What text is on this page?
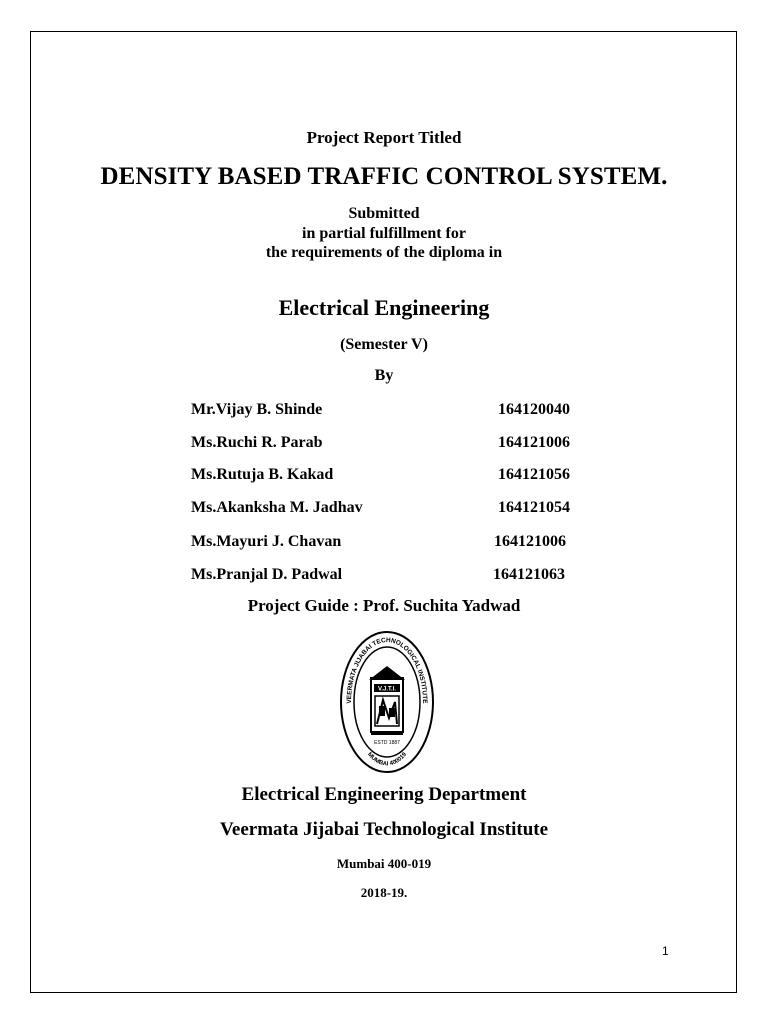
Project Report Titled
DENSITY BASED TRAFFIC CONTROL SYSTEM.
Submitted
in partial fulfillment for
the requirements of the diploma in
Electrical Engineering
(Semester V)
By
Mr.Vijay B. Shinde	164120040
Ms.Ruchi R. Parab	164121006
Ms.Rutuja B. Kakad	164121056
Ms.Akanksha M. Jadhav	164121054
Ms.Mayuri J. Chavan	164121006
Ms.Pranjal D. Padwal	164121063
Project Guide : Prof. Suchita Yadwad
VEERMATA JIJABAI TECHNOLOGICAL INSTITUTE
MUMBAI 400019
V.J.T.I.
ESTD 1887
Electrical Engineering Department
Veermata Jijabai Technological Institute
Mumbai 400-019
2018-19.
1
